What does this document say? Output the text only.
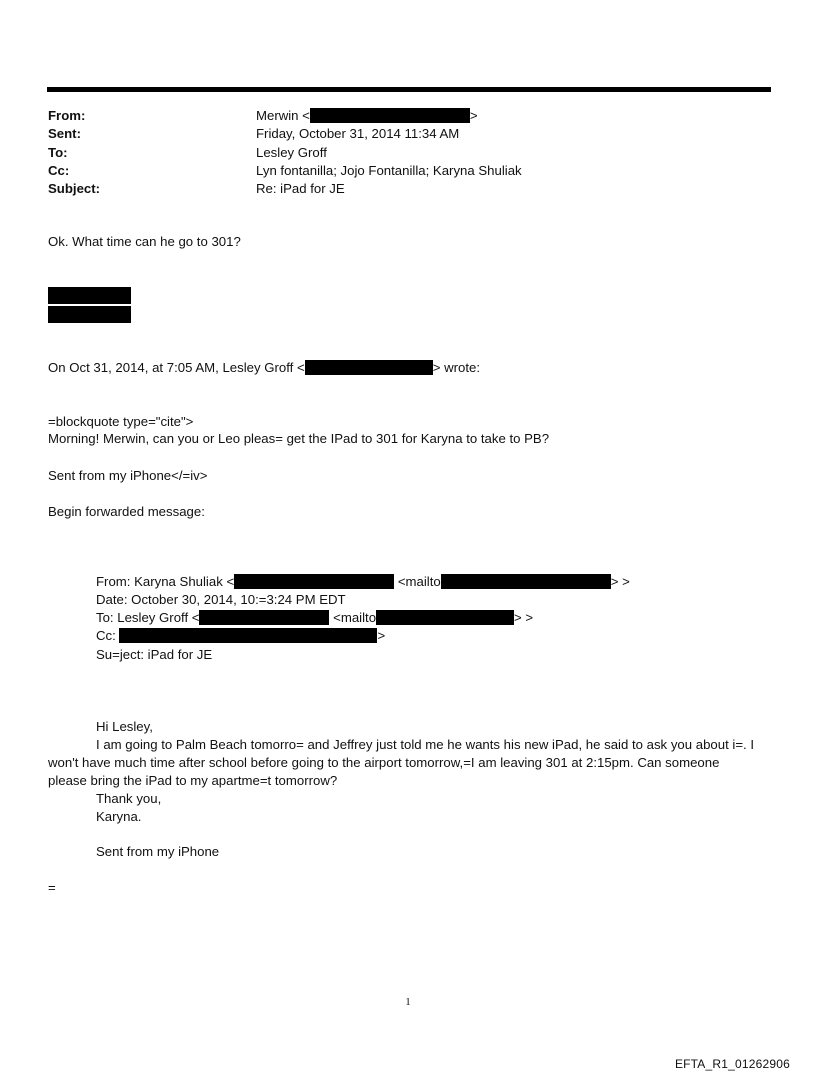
From:	Merwin <	>
Sent:	Friday, October 31, 2014 11:34 AM
To:	Lesley Groff
Cc:	Lyn fontanilla; Jojo Fontanilla; Karyna Shuliak
Subject:	Re: iPad for JE
Ok. What time can he go to 301?
On Oct 31, 2014, at 7:05 AM, Lesley Groff <	> wrote:
=blockquote type="cite">
Morning! Merwin, can you or Leo pleas= get the IPad to 301 for Karyna to take to PB?
Sent from my iPhone</=iv>
Begin forwarded message:
From: Karyna Shuliak <	<mailto	> >
Date: October 30, 2014, 10:=3:24 PM EDT
To: Lesley Groff <	<mailto	> >
Cc:	>
Su=ject: iPad for JE
Hi Lesley,
I am going to Palm Beach tomorro= and Jeffrey just told me he wants his new iPad, he said to ask you about i=. I
won't have much time after school before going to the airport tomorrow,=I am leaving 301 at 2:15pm. Can someone
please bring the iPad to my apartme=t tomorrow?
Thank you,
Karyna.
Sent from my iPhone
=
1
EFTA_R1_01262906
